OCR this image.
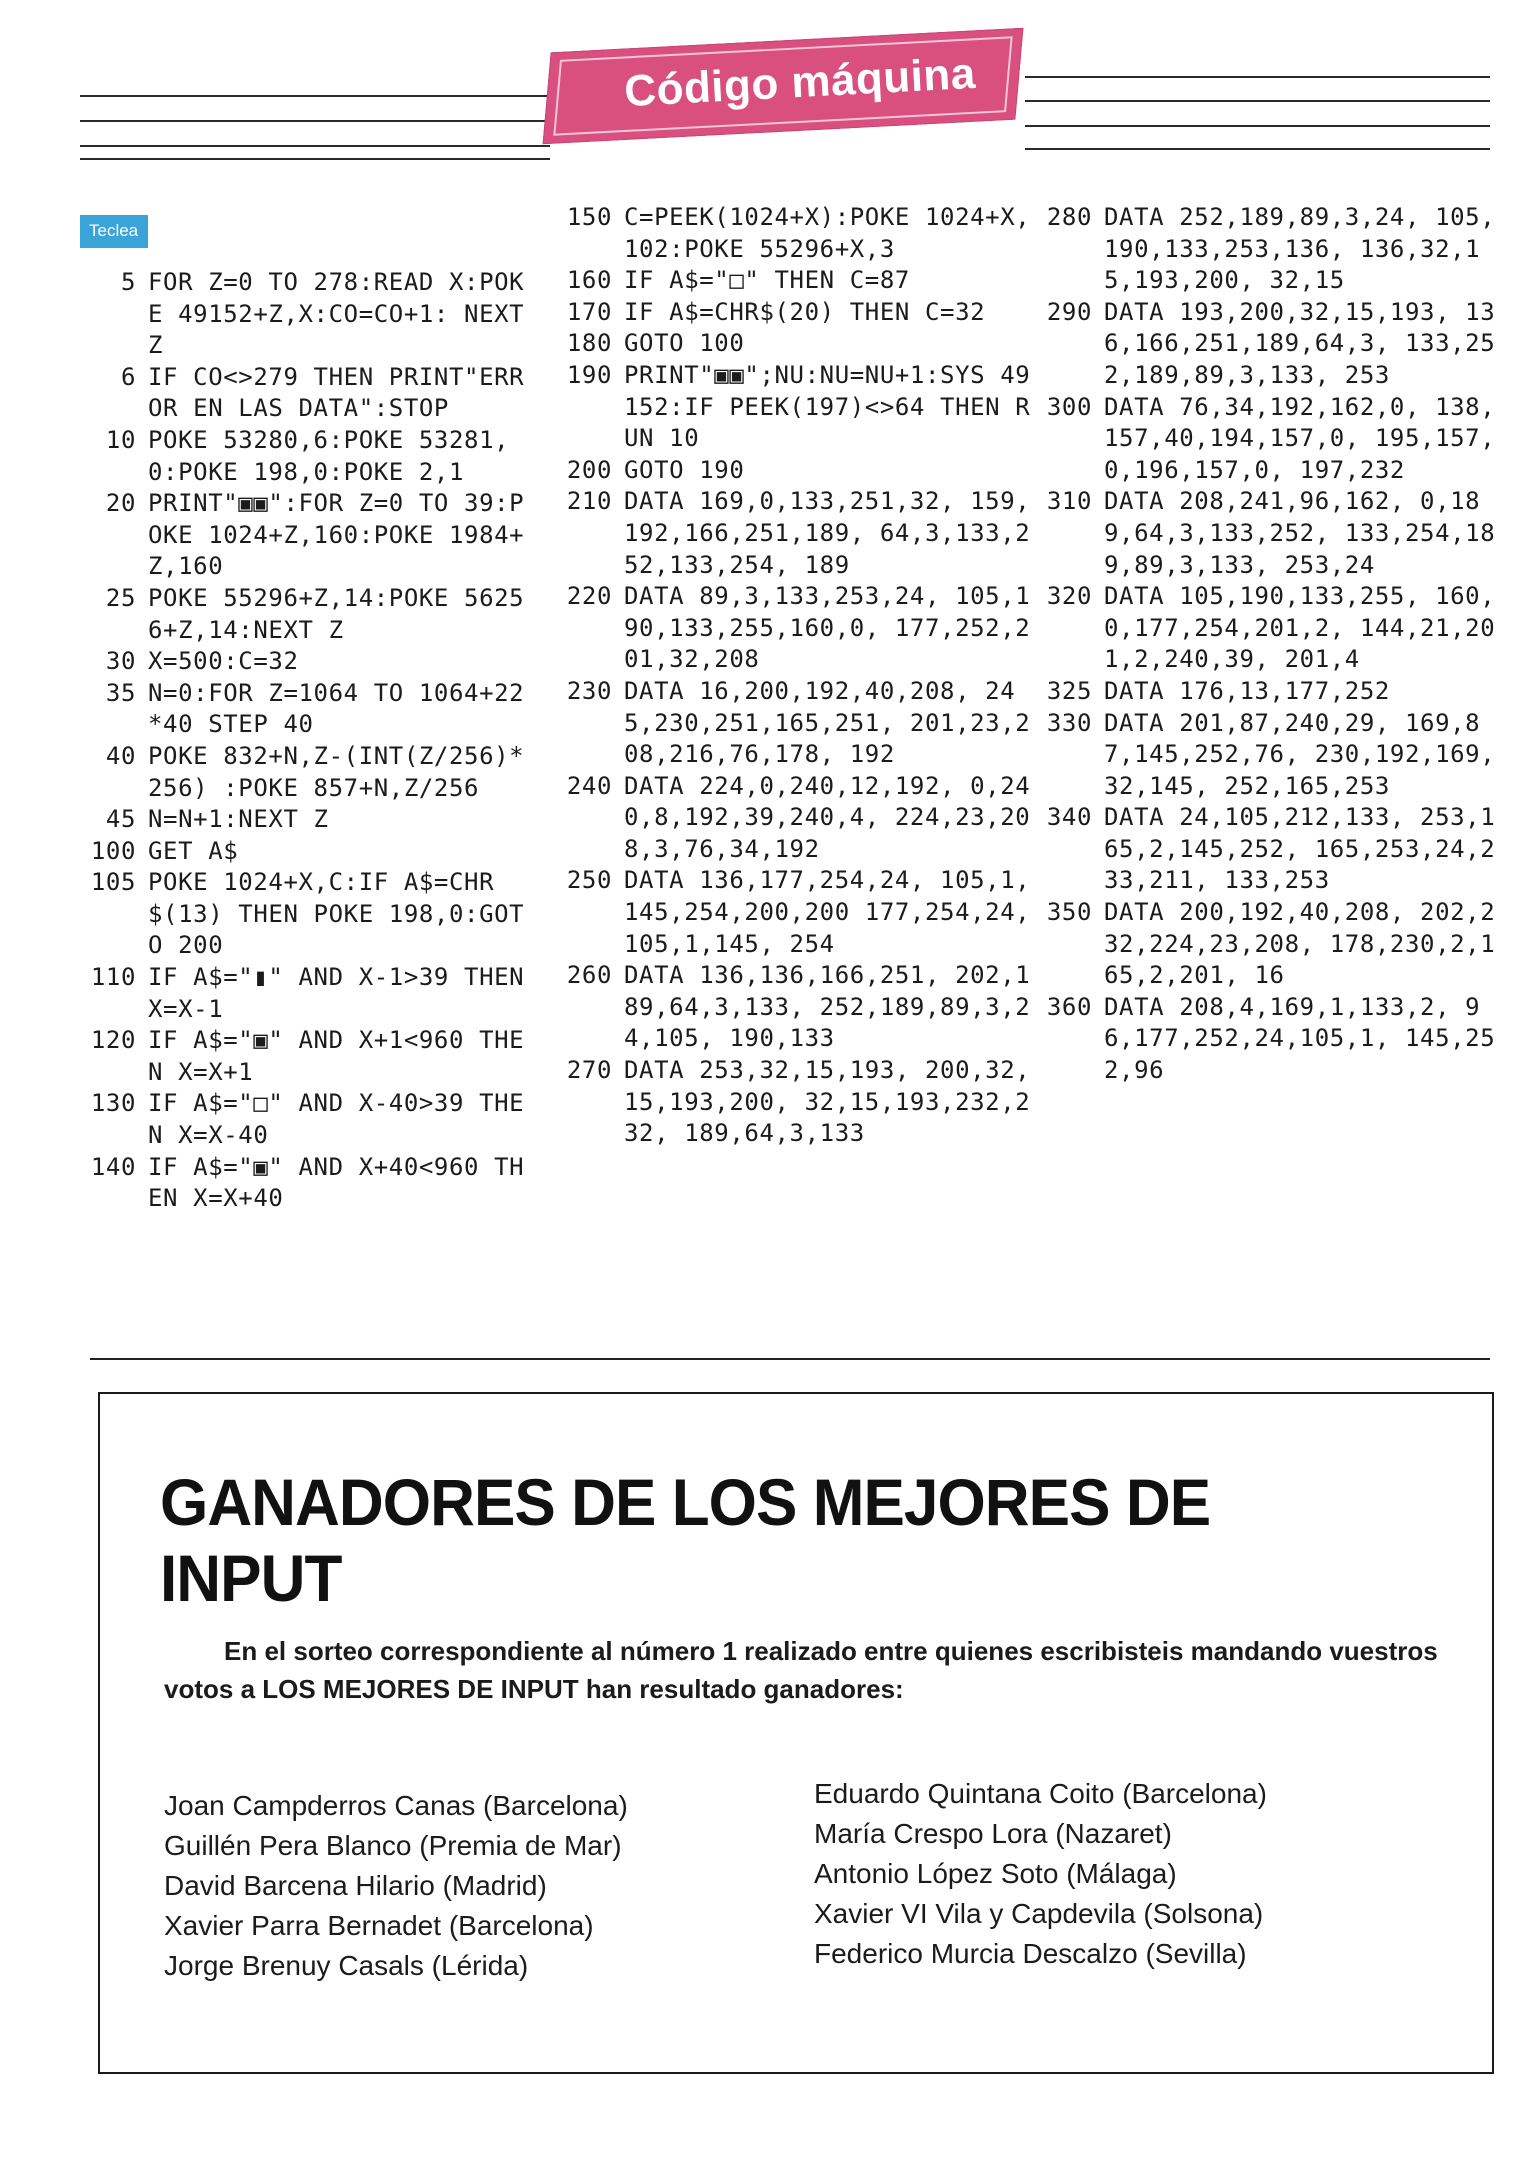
Código máquina
Teclea
5 FOR Z=0 TO 278:READ X:POKE 49152+Z,X:CO=CO+1: NEXT Z
6 IF CO<>279 THEN PRINT"ERROR EN LAS DATA":STOP
10 POKE 53280,6:POKE 53281,0:POKE 198,0:POKE 2,1
20 PRINT"▣▣":FOR Z=0 TO 39:POKE 1024+Z,160:POKE 1984+Z,160
25 POKE 55296+Z,14:POKE 56256+Z,14:NEXT Z
30 X=500:C=32
35 N=0:FOR Z=1064 TO 1064+22*40 STEP 40
40 POKE 832+N,Z-(INT(Z/256)*256) :POKE 857+N,Z/256
45 N=N+1:NEXT Z
100 GET A$
105 POKE 1024+X,C:IF A$=CHR$(13) THEN POKE 198,0:GOTO 200
110 IF A$="▮" AND X-1>39 THEN X=X-1
120 IF A$="▣" AND X+1<960 THEN X=X+1
130 IF A$="□" AND X-40>39 THEN X=X-40
140 IF A$="▣" AND X+40<960 THEN X=X+40
150 C=PEEK(1024+X):POKE 1024+X,102:POKE 55296+X,3
160 IF A$="□" THEN C=87
170 IF A$=CHR$(20) THEN C=32
180 GOTO 100
190 PRINT"▣▣";NU:NU=NU+1:SYS 49152:IF PEEK(197)<>64 THEN RUN 10
200 GOTO 190
210 DATA 169,0,133,251,32, 159,192,166,251,189, 64,3,133,252,133,254, 189
220 DATA 89,3,133,253,24, 105,190,133,255,160,0, 177,252,201,32,208
230 DATA 16,200,192,40,208, 245,230,251,165,251, 201,23,208,216,76,178, 192
240 DATA 224,0,240,12,192, 0,240,8,192,39,240,4, 224,23,208,3,76,34,192
250 DATA 136,177,254,24, 105,1,145,254,200,200 177,254,24,105,1,145, 254
260 DATA 136,136,166,251, 202,189,64,3,133, 252,189,89,3,24,105, 190,133
270 DATA 253,32,15,193, 200,32,15,193,200, 32,15,193,232,232, 189,64,3,133
280 DATA 252,189,89,3,24, 105,190,133,253,136, 136,32,15,193,200, 32,15
290 DATA 193,200,32,15,193, 136,166,251,189,64,3, 133,252,189,89,3,133, 253
300 DATA 76,34,192,162,0, 138,157,40,194,157,0, 195,157,0,196,157,0, 197,232
310 DATA 208,241,96,162, 0,189,64,3,133,252, 133,254,189,89,3,133, 253,24
320 DATA 105,190,133,255, 160,0,177,254,201,2, 144,21,201,2,240,39, 201,4
325 DATA 176,13,177,252
330 DATA 201,87,240,29, 169,87,145,252,76, 230,192,169,32,145, 252,165,253
340 DATA 24,105,212,133, 253,165,2,145,252, 165,253,24,233,211, 133,253
350 DATA 200,192,40,208, 202,232,224,23,208, 178,230,2,165,2,201, 16
360 DATA 208,4,169,1,133,2, 96,177,252,24,105,1, 145,252,96
GANADORES DE LOS MEJORES DE INPUT
En el sorteo correspondiente al número 1 realizado entre quienes escribisteis mandando vuestros votos a LOS MEJORES DE INPUT han resultado ganadores:
Joan Campderros Canas (Barcelona)
Guillén Pera Blanco (Premia de Mar)
David Barcena Hilario (Madrid)
Xavier Parra Bernadet (Barcelona)
Jorge Brenuy Casals (Lérida)
Eduardo Quintana Coito (Barcelona)
María Crespo Lora (Nazaret)
Antonio López Soto (Málaga)
Xavier VI Vila y Capdevila (Solsona)
Federico Murcia Descalzo (Sevilla)
